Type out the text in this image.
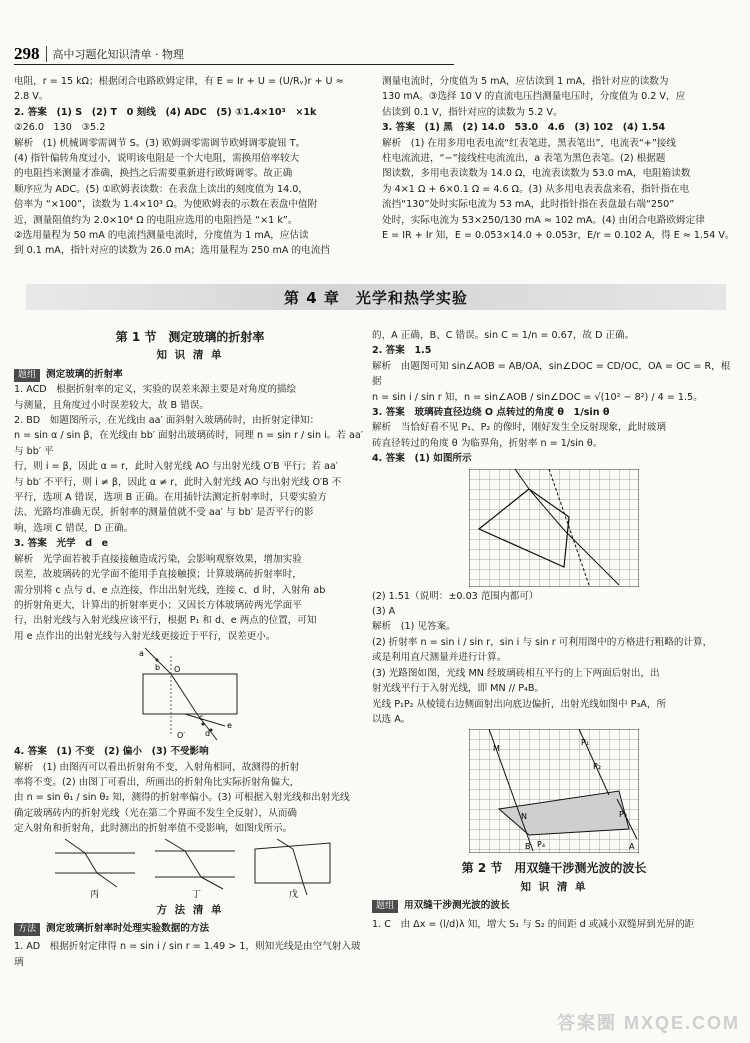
298	高中习题化知识清单 · 物理

电阻，r = 15 kΩ；根据闭合电路欧姆定律，有 E = Ir + U = (U/Rᵥ)r + U ≈

2.8 V。

2. 答案　(1) S　(2) T　0 刻线　(4) ADC　(5) ①1.4×10³　×1k

②26.0　130　③5.2

解析　(1) 机械调零需调节 S。(3) 欧姆调零需调节欧姆调零旋钮 T。

(4) 指针偏转角度过小，说明该电阻是一个大电阻，需换用倍率较大

的电阻挡来测量才准确，换挡之后需要重新进行欧姆调零。故正确

顺序应为 ADC。(5) ①欧姆表读数：在表盘上读出的刻度值为 14.0，

倍率为 “×100”，读数为 1.4×10³ Ω。为使欧姆表的示数在表盘中值附

近，测量阻值约为 2.0×10⁴ Ω 的电阻应选用的电阻挡是 “×1 k”。

②选用量程为 50 mA 的电流挡测量电流时，分度值为 1 mA，应估读

到 0.1 mA，指针对应的读数为 26.0 mA；选用量程为 250 mA 的电流挡

测量电流时，分度值为 5 mA，应估读到 1 mA，指针对应的读数为

130 mA。③选择 10 V 的直流电压挡测量电压时，分度值为 0.2 V，应

估读到 0.1 V，指针对应的读数为 5.2 V。

3. 答案　(1) 黑　(2) 14.0　53.0　4.6　(3) 102　(4) 1.54

解析　(1) 在用多用电表电流“红表笔进，黑表笔出”，电流表“+”接线

柱电流流进，“−”接线柱电流流出，a 表笔为黑色表笔。(2) 根据题

图读数，多用电表读数为 14.0 Ω，电流表读数为 53.0 mA，电阻箱读数

为 4×1 Ω + 6×0.1 Ω = 4.6 Ω。(3) 从多用电表表盘来看，指针指在电

流挡“130”处时实际电流为 53 mA，此时指针指在表盘最右端“250”

处时，实际电流为 53×250/130 mA ≈ 102 mA。(4) 由闭合电路欧姆定律

E = IR + Ir 知，E = 0.053×14.0 + 0.053r，E/r = 0.102 A，得 E ≈ 1.54 V。

第 4 章　光学和热学实验
第 1 节　测定玻璃的折射率
知 识 清 单

题组 测定玻璃的折射率

1. ACD　根据折射率的定义，实验的误差来源主要是对角度的描绘

与测量，且角度过小时误差较大，故 B 错误。

2. BD　如题图所示，在光线由 aa′ 面斜射入玻璃砖时，由折射定律知：

n = sin α / sin β，在光线由 bb′ 面射出玻璃砖时，同理 n = sin r / sin i。若 aa′ 与 bb′ 平

行，则 i = β，因此 α = r，此时入射光线 AO 与出射光线 O′B 平行；若 aa′

与 bb′ 不平行，则 i ≠ β，因此 α ≠ r，此时入射光线 AO 与出射光线 O′B 不

平行，选项 A 错误，选项 B 正确。在用插针法测定折射率时，只要实验方

法、光路均准确无误，折射率的测量值就不受 aa′ 与 bb′ 是否平行的影

响，选项 C 错误，D 正确。

3. 答案　光学　d　e

解析　光学面若被手直接接触造成污染，会影响观察效果，增加实验

误差，故玻璃砖的光学面不能用手直接触摸；计算玻璃砖折射率时，

需分别将 c 点与 d、e 点连接，作出出射光线，连接 c、d 时，入射角 ab

的折射角更大，计算出的折射率更小；又因长方体玻璃砖两光学面平

行，出射光线与入射光线应该平行，根据 P₁ 和 d、e 两点的位置，可知

用 e 点作出的出射光线与入射光线更接近于平行，误差更小。

a
b O
O′
c
d
e

4. 答案　(1) 不变　(2) 偏小　(3) 不受影响

解析　(1) 由图丙可以看出折射角不变，入射角相同，故测得的折射

率将不变。(2) 由图丁可看出，所画出的折射角比实际折射角偏大，

由 n = sin θ₁ / sin θ₂ 知，测得的折射率偏小。(3) 可根据入射光线和出射光线

确定玻璃砖内的折射光线（光在第二个界面不发生全反射），从而确

定入射角和折射角，此时测出的折射率值不受影响，如图戊所示。

丙	丁	戊
方 法 清 单

方法 测定玻璃折射率时处理实验数据的方法

1. AD　根据折射定律得 n = sin i / sin r = 1.49 > 1，则知光线是由空气射入玻璃

的，A 正确，B、C 错误。sin C = 1/n = 0.67，故 D 正确。

2. 答案　1.5

解析　由题图可知 sin∠AOB = AB/OA，sin∠DOC = CD/OC，OA = OC = R，根据

n = sin i / sin r 知，n = sin∠AOB / sin∠DOC = √(10² − 8²) / 4 = 1.5。

3. 答案　玻璃砖直径边绕 O 点转过的角度 θ　1/sin θ

解析　当恰好看不见 P₁、P₂ 的像时，刚好发生全反射现象，此时玻璃

砖直径转过的角度 θ 为临界角，折射率 n = 1/sin θ。

4. 答案　(1) 如图所示

(2) 1.51（说明：±0.03 范围内都可）

(3) A

解析　(1) 见答案。

(2) 折射率 n = sin i / sin r，sin i 与 sin r 可利用图中的方格进行粗略的计算，

或是利用直尺测量并进行计算。

(3) 光路图如图，光线 MN 经玻璃砖相互平行的上下两面后射出，出

射光线平行于入射光线，即 MN // P₄B。

光线 P₁P₂ 从棱镜右边侧面射出向底边偏折，出射光线如图中 P₃A，所

以选 A。

M
N
P₁
P₂
P₃
P₄	A
B
第 2 节　用双缝干涉测光波的波长
知 识 清 单

题组 用双缝干涉测光波的波长

1. C　由 Δx = (l/d)λ 知，增大 S₁ 与 S₂ 的间距 d 或减小双缝屏到光屏的距

答案圈 MXQE.COM
